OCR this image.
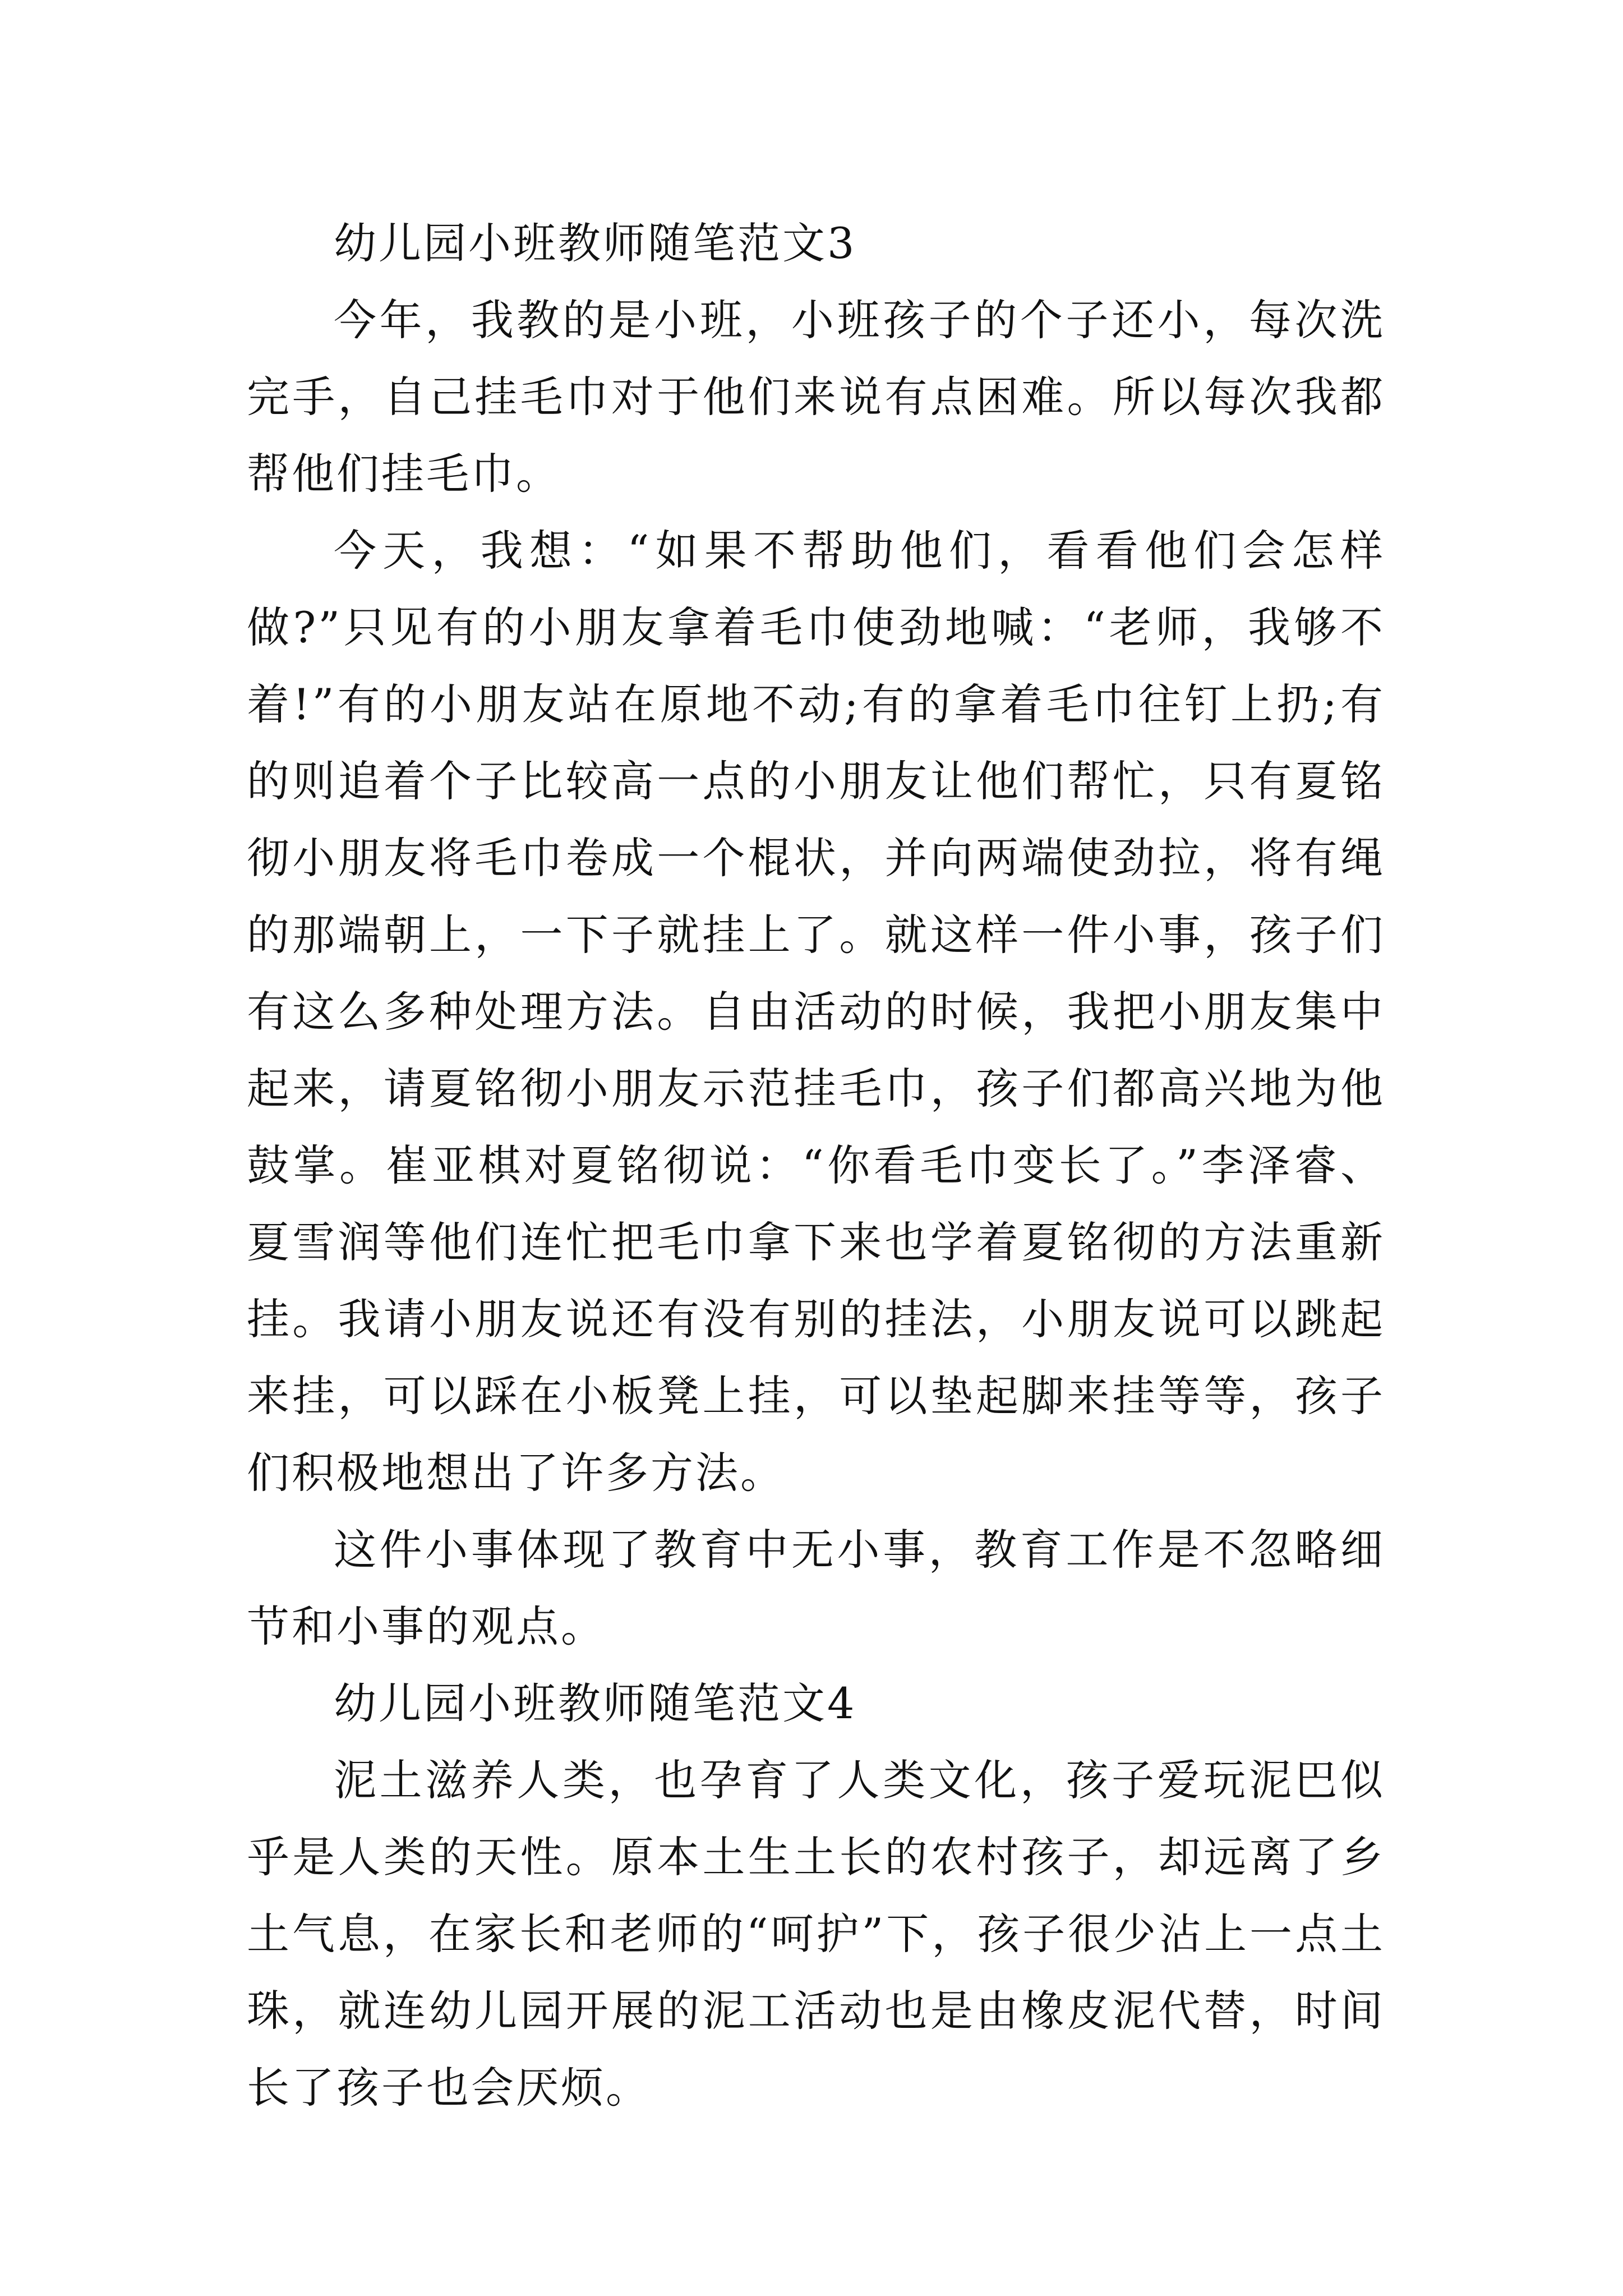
幼儿园小班教师随笔范文3

今年，我教的是小班，小班孩子的个子还小，每次洗完手，自己挂毛巾对于他们来说有点困难。所以每次我都帮他们挂毛巾。

今天，我想：“如果不帮助他们，看看他们会怎样做?”只见有的小朋友拿着毛巾使劲地喊：“老师，我够不着!”有的小朋友站在原地不动;有的拿着毛巾往钉上扔;有的则追着个子比较高一点的小朋友让他们帮忙，只有夏铭彻小朋友将毛巾卷成一个棍状，并向两端使劲拉，将有绳的那端朝上，一下子就挂上了。就这样一件小事，孩子们有这么多种处理方法。自由活动的时候，我把小朋友集中起来，请夏铭彻小朋友示范挂毛巾，孩子们都高兴地为他鼓掌。崔亚棋对夏铭彻说：“你看毛巾变长了。”李泽睿、夏雪润等他们连忙把毛巾拿下来也学着夏铭彻的方法重新挂。我请小朋友说还有没有别的挂法，小朋友说可以跳起来挂，可以踩在小板凳上挂，可以垫起脚来挂等等，孩子们积极地想出了许多方法。

这件小事体现了教育中无小事，教育工作是不忽略细节和小事的观点。

幼儿园小班教师随笔范文4

泥土滋养人类，也孕育了人类文化，孩子爱玩泥巴似乎是人类的天性。原本土生土长的农村孩子，却远离了乡土气息，在家长和老师的“呵护”下，孩子很少沾上一点土珠，就连幼儿园开展的泥工活动也是由橡皮泥代替，时间长了孩子也会厌烦。
